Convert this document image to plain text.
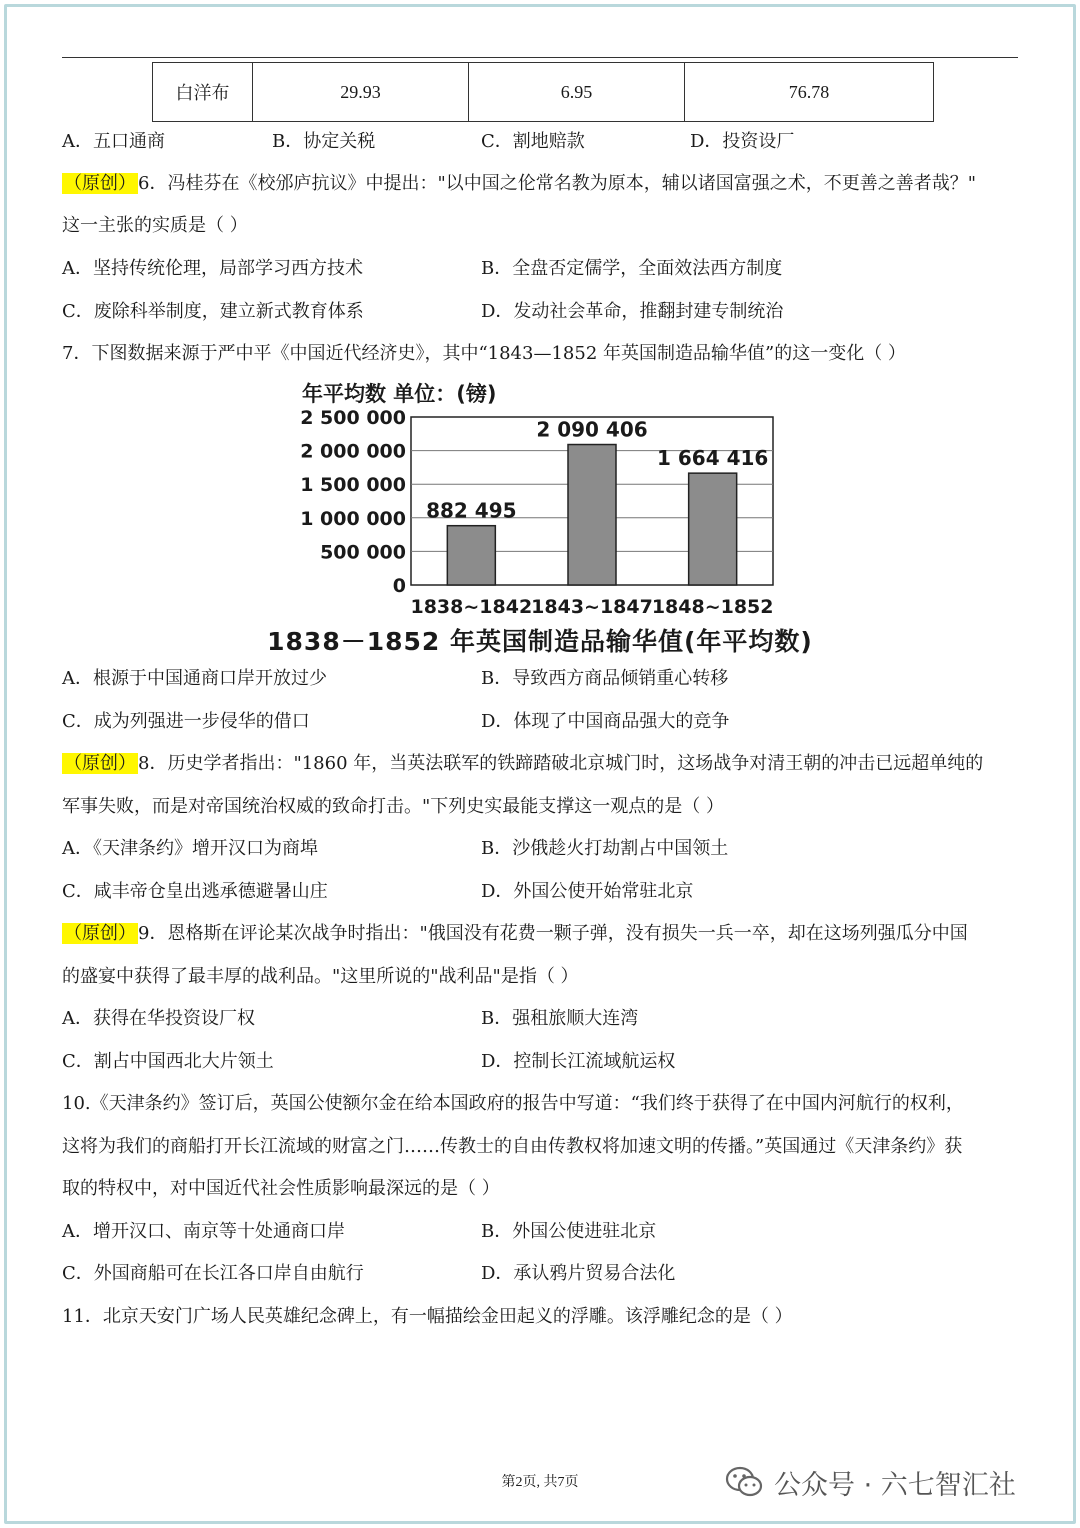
白洋布	29.93	6.95	76.78
A．五口通商	B．协定关税	C．割地赔款	D．投资设厂
（原创） 6．冯桂芬在《校邠庐抗议》中提出："以中国之伦常名教为原本，辅以诸国富强之术，不更善之善者哉？"
这一主张的实质是（ ）
A．坚持传统伦理，局部学习西方技术	B．全盘否定儒学，全面效法西方制度
C．废除科举制度，建立新式教育体系	D．发动社会革命，推翻封建专制统治
7．下图数据来源于严中平《中国近代经济史》，其中“1843—1852 年英国制造品输华值”的这一变化（ ）
年平均数 单位：(镑)
2 500 000
2 000 000
1 500 000
1 000 000
500 000
0
882 495
1838~1842
2 090 406
1843~1847
1 664 416
1848~1852
1838－1852 年英国制造品输华值(年平均数)
A．根源于中国通商口岸开放过少	B．导致西方商品倾销重心转移
C．成为列强进一步侵华的借口	D．体现了中国商品强大的竞争
（原创） 8．历史学者指出："1860 年，当英法联军的铁蹄踏破北京城门时，这场战争对清王朝的冲击已远超单纯的
军事失败，而是对帝国统治权威的致命打击。"下列史实最能支撑这一观点的是（ ）
A．《天津条约》增开汉口为商埠	B．沙俄趁火打劫割占中国领土
C．咸丰帝仓皇出逃承德避暑山庄	D．外国公使开始常驻北京
（原创） 9．恩格斯在评论某次战争时指出："俄国没有花费一颗子弹，没有损失一兵一卒，却在这场列强瓜分中国
的盛宴中获得了最丰厚的战利品。"这里所说的"战利品"是指（ ）
A．获得在华投资设厂权	B．强租旅顺大连湾
C．割占中国西北大片领土	D．控制长江流域航运权
10.《天津条约》签订后，英国公使额尔金在给本国政府的报告中写道：“我们终于获得了在中国内河航行的权利，
这将为我们的商船打开长江流域的财富之门……传教士的自由传教权将加速文明的传播。”英国通过《天津条约》获
取的特权中，对中国近代社会性质影响最深远的是（ ）
A．增开汉口、南京等十处通商口岸	B．外国公使进驻北京
C．外国商船可在长江各口岸自由航行	D．承认鸦片贸易合法化
11．北京天安门广场人民英雄纪念碑上，有一幅描绘金田起义的浮雕。该浮雕纪念的是（ ）
第2页, 共7页	公众号 · 六七智汇社
